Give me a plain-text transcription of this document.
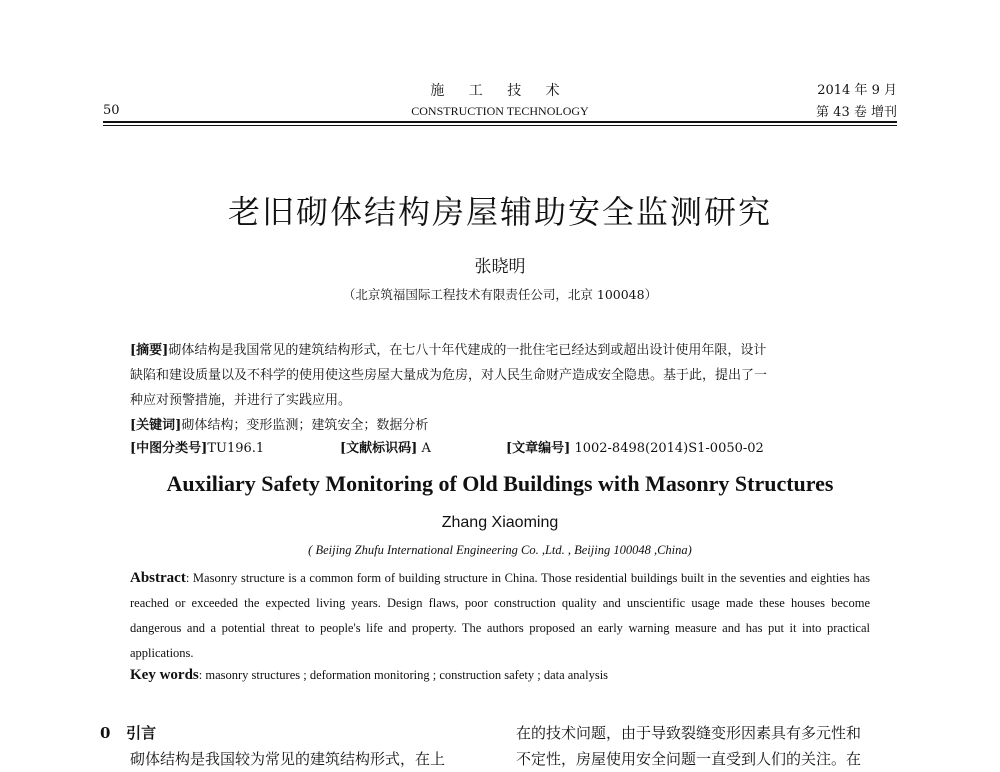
50
施 工 技 术
CONSTRUCTION TECHNOLOGY
2014 年 9 月
第 43 卷 增刊
老旧砌体结构房屋辅助安全监测研究
张晓明
（北京筑福国际工程技术有限责任公司，北京 100048）
[摘要]砌体结构是我国常见的建筑结构形式，在七八十年代建成的一批住宅已经达到或超出设计使用年限，设计
缺陷和建设质量以及不科学的使用使这些房屋大量成为危房，对人民生命财产造成安全隐患。基于此，提出了一
种应对预警措施，并进行了实践应用。
[关键词]砌体结构；变形监测；建筑安全；数据分析
[中图分类号]TU196.1	[文献标识码] A	[文章编号] 1002-8498(2014)S1-0050-02
Auxiliary Safety Monitoring of Old Buildings with Masonry Structures
Zhang Xiaoming
( Beijing Zhufu International Engineering Co. ,Ltd. , Beijing 100048 ,China)
Abstract: Masonry structure is a common form of building structure in China. Those residential buildings built in the seventies and eighties has reached or exceeded the expected living years. Design flaws, poor construction quality and unscientific usage made these houses become dangerous and a potential threat to people's life and property. The authors proposed an early warning measure and has put it into practical applications.
Key words: masonry structures ; deformation monitoring ; construction safety ; data analysis
0 引言
砌体结构是我国较为常见的建筑结构形式，在上
在的技术问题，由于导致裂缝变形因素具有多元性和
不定性，房屋使用安全问题一直受到人们的关注。在
